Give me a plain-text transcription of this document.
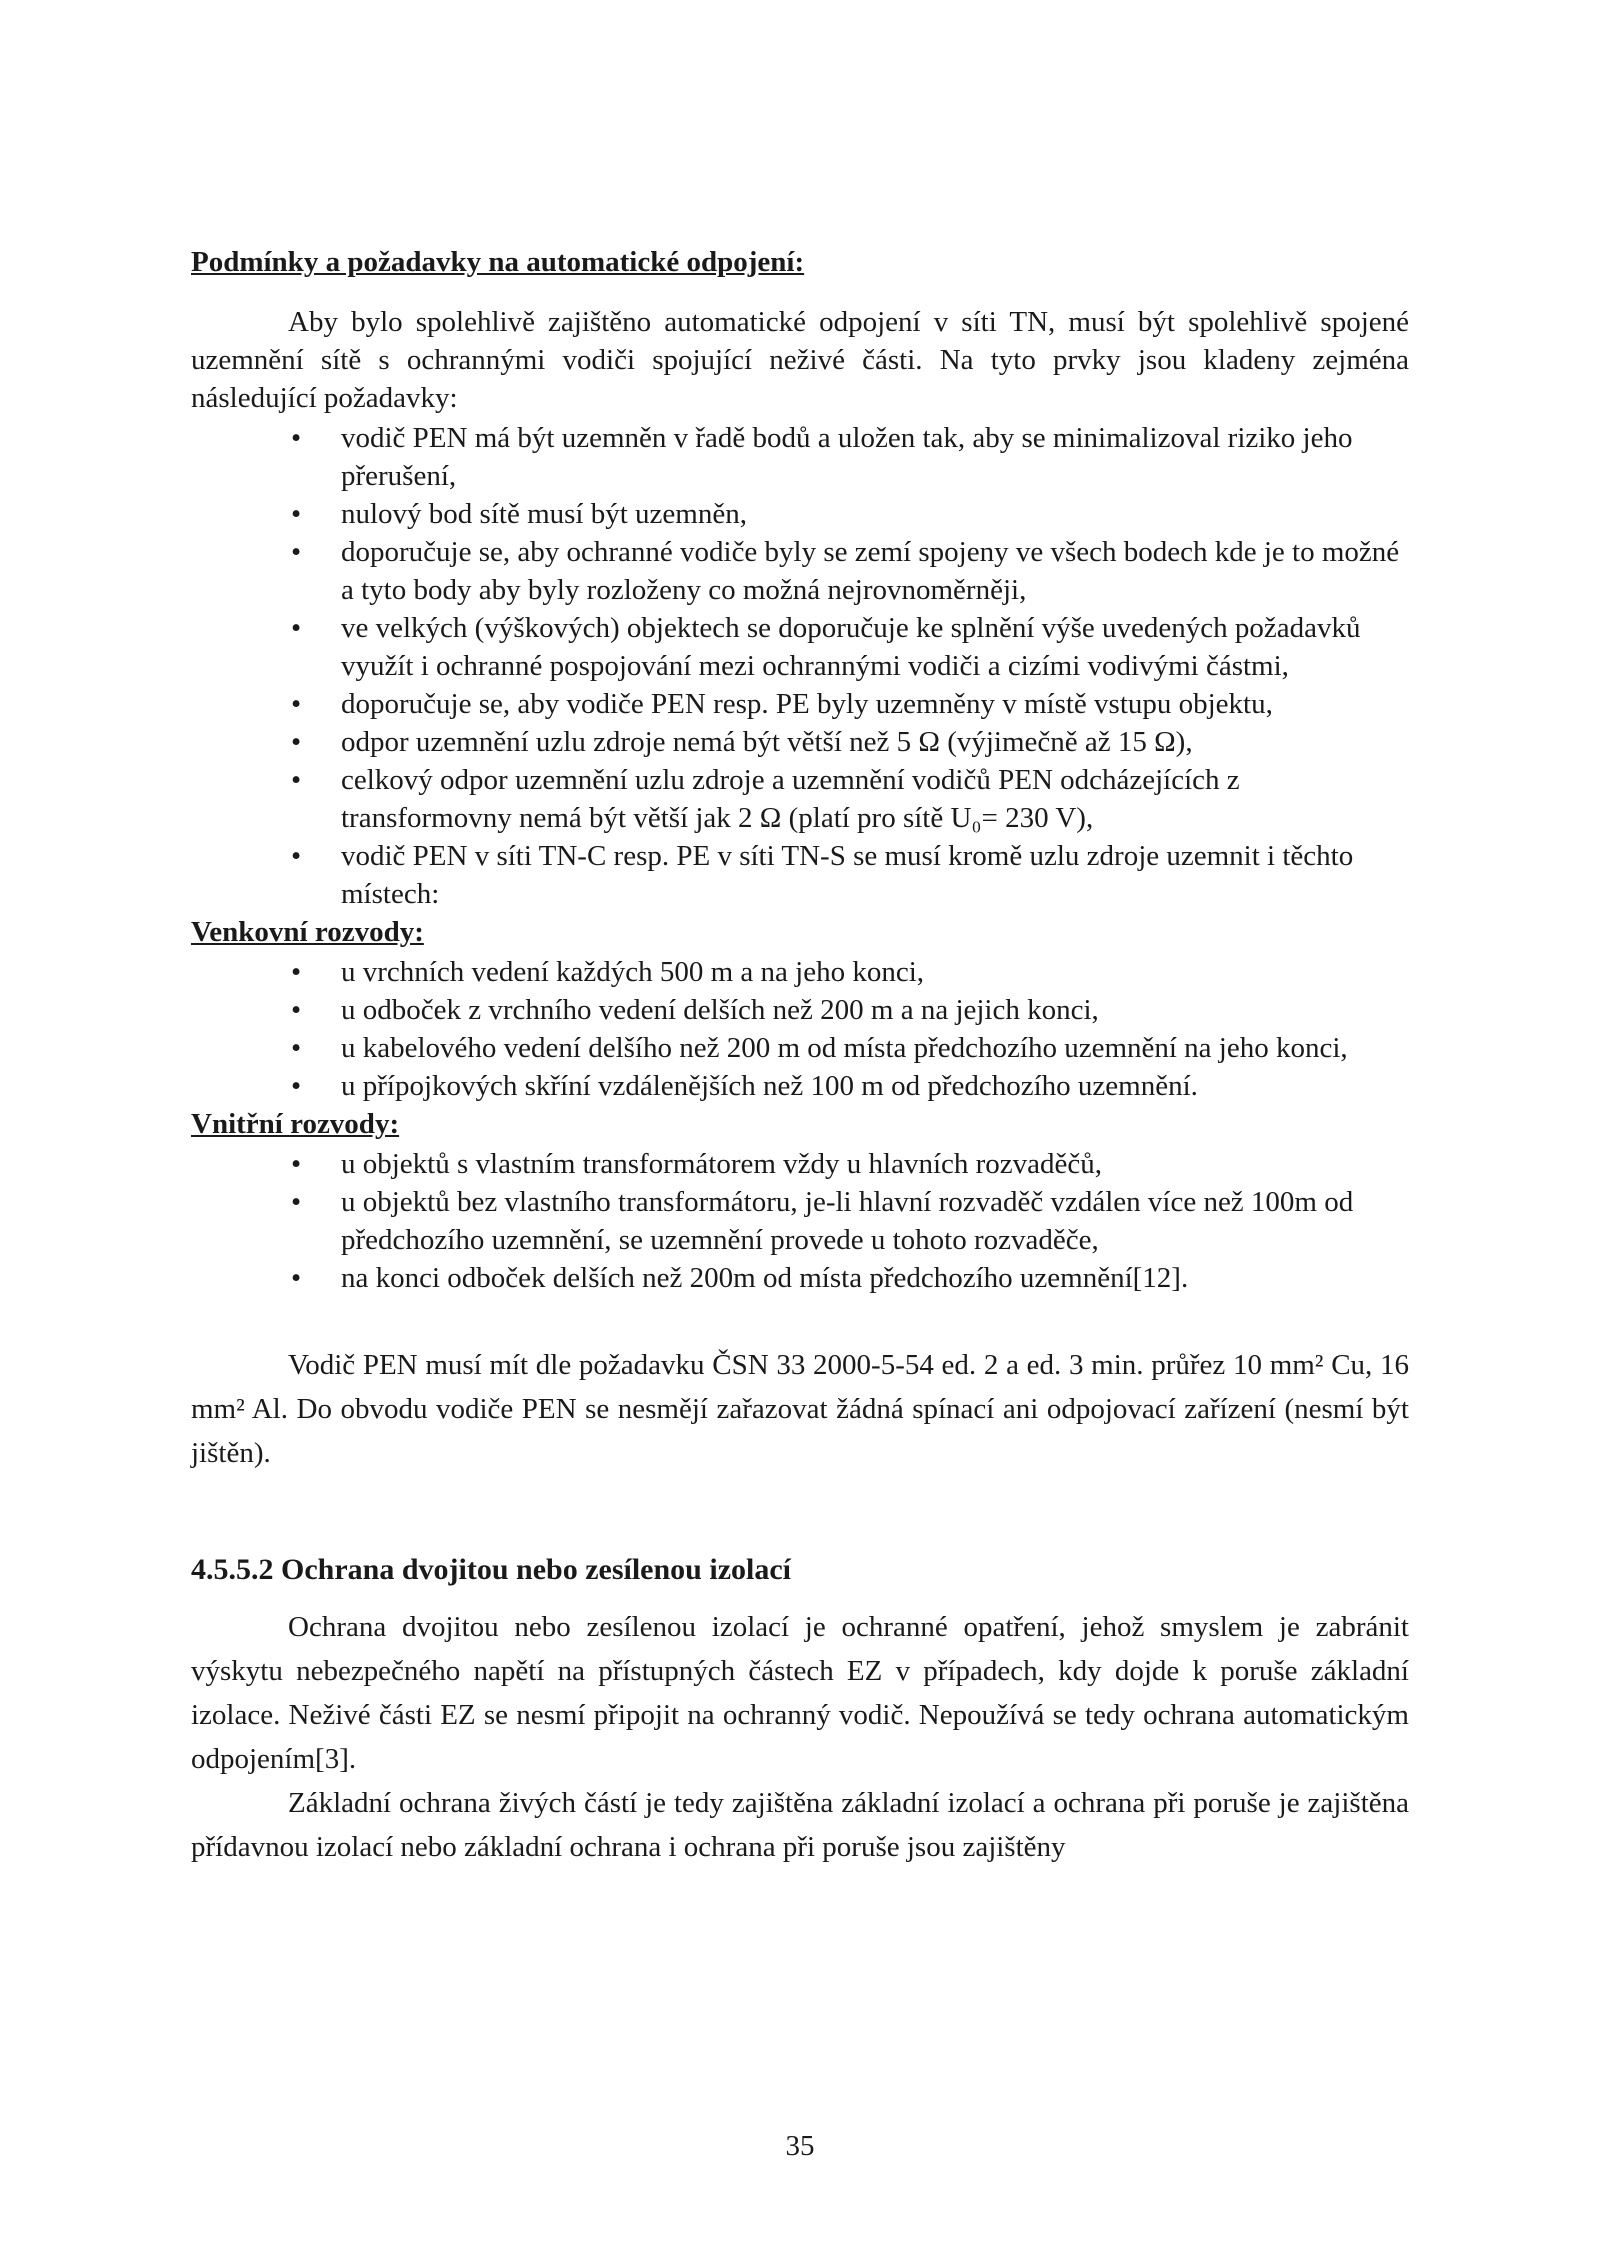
Podmínky a požadavky na automatické odpojení:

Aby bylo spolehlivě zajištěno automatické odpojení v síti TN, musí být spolehlivě spojené uzemnění sítě s ochrannými vodiči spojující neživé části. Na tyto prvky jsou kladeny zejména následující požadavky:

• vodič PEN má být uzemněn v řadě bodů a uložen tak, aby se minimalizoval riziko jeho přerušení,
• nulový bod sítě musí být uzemněn,
• doporučuje se, aby ochranné vodiče byly se zemí spojeny ve všech bodech kde je to možné a tyto body aby byly rozloženy co možná nejrovnoměrněji,
• ve velkých (výškových) objektech se doporučuje ke splnění výše uvedených požadavků využít i ochranné pospojování mezi ochrannými vodiči a cizími vodivými částmi,
• doporučuje se, aby vodiče PEN resp. PE byly uzemněny v místě vstupu objektu,
• odpor uzemnění uzlu zdroje nemá být větší než 5 Ω (výjimečně až 15 Ω),
• celkový odpor uzemnění uzlu zdroje a uzemnění vodičů PEN odcházejících z transformovny nemá být větší jak 2 Ω (platí pro sítě U₀= 230 V),
• vodič PEN v síti TN-C resp. PE v síti TN-S se musí kromě uzlu zdroje uzemnit i těchto místech:

Venkovní rozvody:

• u vrchních vedení každých 500 m a na jeho konci,
• u odboček z vrchního vedení delších než 200 m a na jejich konci,
• u kabelového vedení delšího než 200 m od místa předchozího uzemnění na jeho konci,
• u přípojkových skříní vzdálenějších než 100 m od předchozího uzemnění.

Vnitřní rozvody:

• u objektů s vlastním transformátorem vždy u hlavních rozvaděčů,
• u objektů bez vlastního transformátoru, je-li hlavní rozvaděč vzdálen více než 100m od předchozího uzemnění, se uzemnění provede u tohoto rozvaděče,
• na konci odboček delších než 200m od místa předchozího uzemnění[12].

Vodič PEN musí mít dle požadavku ČSN 33 2000-5-54 ed. 2 a ed. 3 min. průřez 10 mm² Cu, 16 mm² Al. Do obvodu vodiče PEN se nesmějí zařazovat žádná spínací ani odpojovací zařízení (nesmí být jištěn).

4.5.5.2 Ochrana dvojitou nebo zesílenou izolací

Ochrana dvojitou nebo zesílenou izolací je ochranné opatření, jehož smyslem je zabránit výskytu nebezpečného napětí na přístupných částech EZ v případech, kdy dojde k poruše základní izolace. Neživé části EZ se nesmí připojit na ochranný vodič. Nepoužívá se tedy ochrana automatickým odpojením[3].

Základní ochrana živých částí je tedy zajištěna základní izolací a ochrana při poruše je zajištěna přídavnou izolací nebo základní ochrana i ochrana při poruše jsou zajištěny

35
